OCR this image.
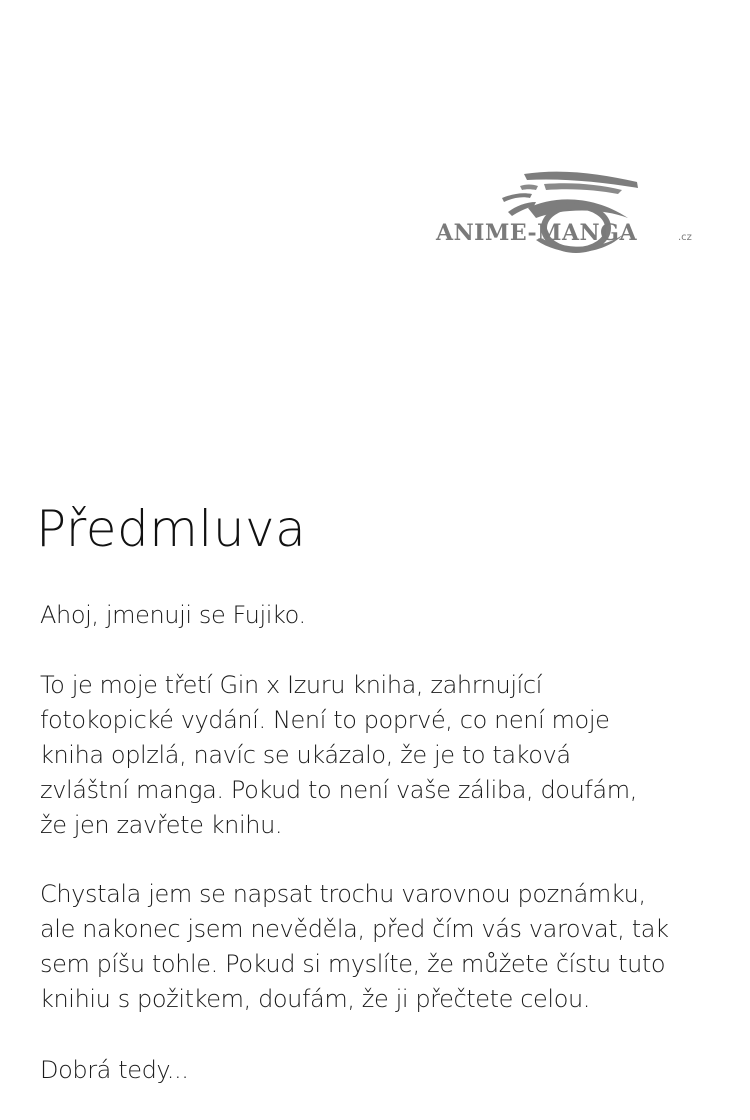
ANIME-MANGA	.cz
Předmluva
Ahoj, jmenuji se Fujiko.
To je moje třetí Gin x Izuru kniha, zahrnující
fotokopické vydání. Není to poprvé, co není moje
kniha oplzlá, navíc se ukázalo, že je to taková
zvláštní manga. Pokud to není vaše záliba, doufám,
že jen zavřete knihu.
Chystala jem se napsat trochu varovnou poznámku,
ale nakonec jsem nevěděla, před čím vás varovat, tak
sem píšu tohle. Pokud si myslíte, že můžete čístu tuto
knihiu s požitkem, doufám, že ji přečtete celou.
Dobrá tedy...
